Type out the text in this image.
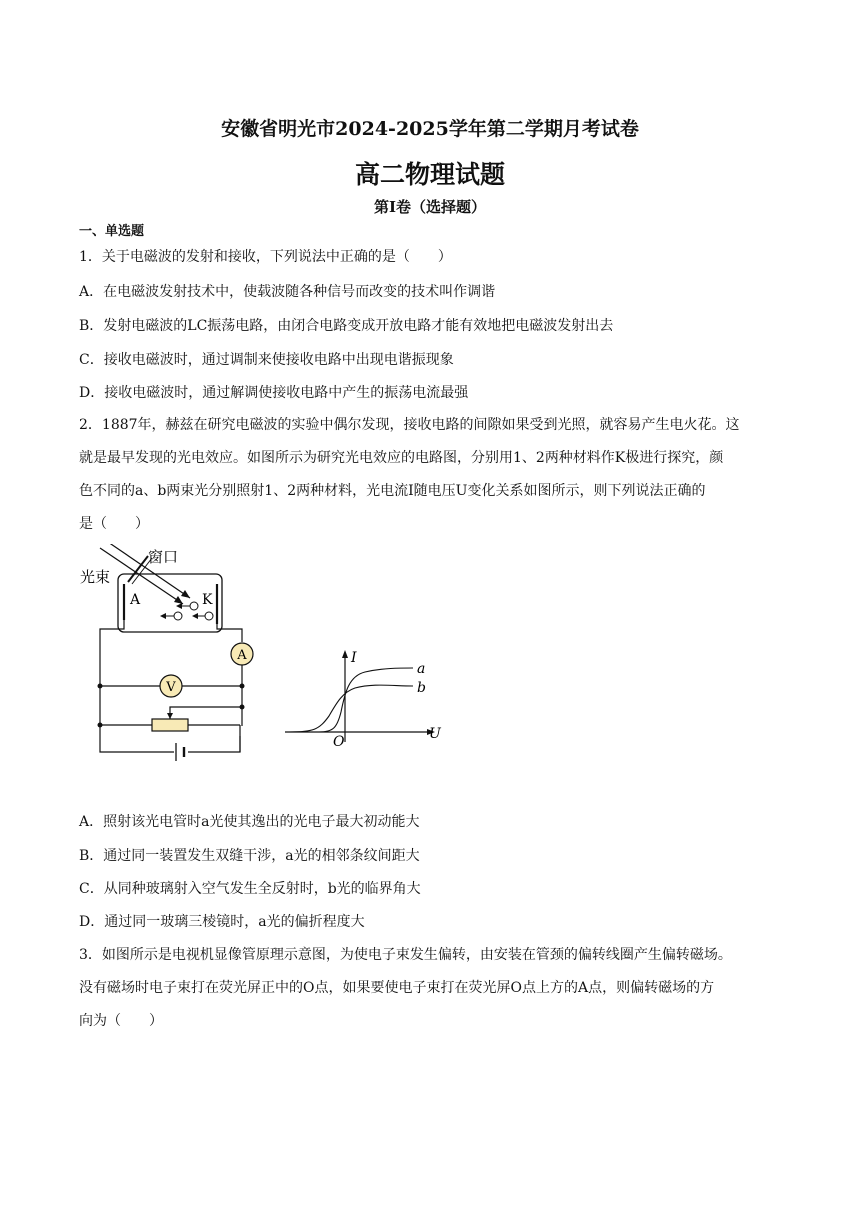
安徽省明光市2024-2025学年第二学期月考试卷
高二物理试题
第Ⅰ卷（选择题）
一、单选题
1．关于电磁波的发射和接收，下列说法中正确的是（　　）
A．在电磁波发射技术中，使载波随各种信号而改变的技术叫作调谐
B．发射电磁波的LC振荡电路，由闭合电路变成开放电路才能有效地把电磁波发射出去
C．接收电磁波时，通过调制来使接收电路中出现电谐振现象
D．接收电磁波时，通过解调使接收电路中产生的振荡电流最强
2．1887年，赫兹在研究电磁波的实验中偶尔发现，接收电路的间隙如果受到光照，就容易产生电火花。这
就是最早发现的光电效应。如图所示为研究光电效应的电路图，分别用1、2两种材料作K极进行探究，颜
色不同的a、b两束光分别照射1、2两种材料，光电流I随电压U变化关系如图所示，则下列说法正确的
是（　　）
光束
窗口
A	K
A
V
U
I
O
a
b
A．照射该光电管时a光使其逸出的光电子最大初动能大
B．通过同一装置发生双缝干涉，a光的相邻条纹间距大
C．从同种玻璃射入空气发生全反射时，b光的临界角大
D．通过同一玻璃三棱镜时，a光的偏折程度大
3．如图所示是电视机显像管原理示意图，为使电子束发生偏转，由安装在管颈的偏转线圈产生偏转磁场。
没有磁场时电子束打在荧光屏正中的O点，如果要使电子束打在荧光屏O点上方的A点，则偏转磁场的方
向为（　　）
